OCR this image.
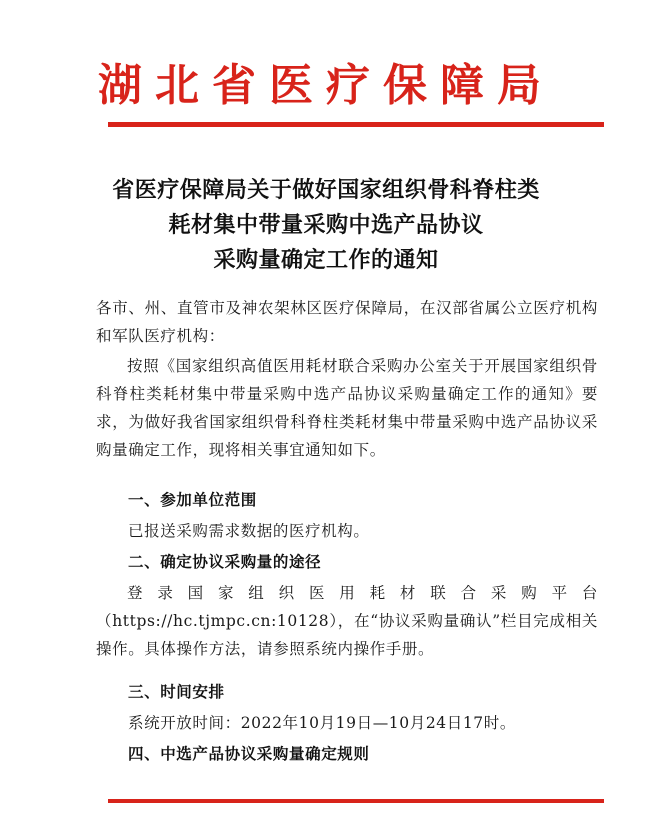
湖北省医疗保障局
省医疗保障局关于做好国家组织骨科脊柱类
耗材集中带量采购中选产品协议
采购量确定工作的通知
各市、州、直管市及神农架林区医疗保障局，在汉部省属公立医疗机构和军队医疗机构：
按照《国家组织高值医用耗材联合采购办公室关于开展国家组织骨科脊柱类耗材集中带量采购中选产品协议采购量确定工作的通知》要求，为做好我省国家组织骨科脊柱类耗材集中带量采购中选产品协议采购量确定工作，现将相关事宜通知如下。
一、参加单位范围
已报送采购需求数据的医疗机构。
二、确定协议采购量的途径
登录国家组织医用耗材联合采购平台（https://hc.tjmpc.cn:10128），在“协议采购量确认”栏目完成相关操作。具体操作方法，请参照系统内操作手册。
三、时间安排
系统开放时间：2022年10月19日—10月24日17时。
四、中选产品协议采购量确定规则
